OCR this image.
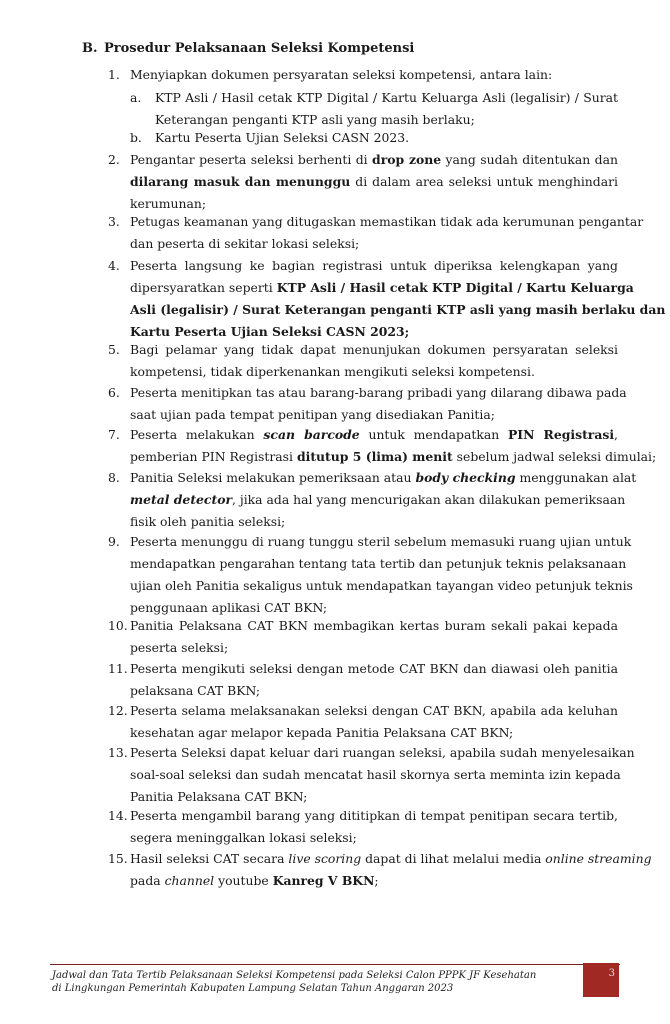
B. Prosedur Pelaksanaan Seleksi Kompetensi
1. Menyiapkan dokumen persyaratan seleksi kompetensi, antara lain:
a. KTP Asli / Hasil cetak KTP Digital / Kartu Keluarga Asli (legalisir) / Surat
Keterangan penganti KTP asli yang masih berlaku;
b. Kartu Peserta Ujian Seleksi CASN 2023.
2. Pengantar peserta seleksi berhenti di drop zone yang sudah ditentukan dan
dilarang masuk dan menunggu di dalam area seleksi untuk menghindari
kerumunan;
3. Petugas keamanan yang ditugaskan memastikan tidak ada kerumunan pengantar
dan peserta di sekitar lokasi seleksi;
4. Peserta langsung ke bagian registrasi untuk diperiksa kelengkapan yang
dipersyaratkan seperti KTP Asli / Hasil cetak KTP Digital / Kartu Keluarga
Asli (legalisir) / Surat Keterangan penganti KTP asli yang masih berlaku dan
Kartu Peserta Ujian Seleksi CASN 2023;
5. Bagi pelamar yang tidak dapat menunjukan dokumen persyaratan seleksi
kompetensi, tidak diperkenankan mengikuti seleksi kompetensi.
6. Peserta menitipkan tas atau barang-barang pribadi yang dilarang dibawa pada
saat ujian pada tempat penitipan yang disediakan Panitia;
7. Peserta melakukan scan barcode untuk mendapatkan PIN Registrasi,
pemberian PIN Registrasi ditutup 5 (lima) menit sebelum jadwal seleksi dimulai;
8. Panitia Seleksi melakukan pemeriksaan atau body checking menggunakan alat
metal detector, jika ada hal yang mencurigakan akan dilakukan pemeriksaan
fisik oleh panitia seleksi;
9. Peserta menunggu di ruang tunggu steril sebelum memasuki ruang ujian untuk
mendapatkan pengarahan tentang tata tertib dan petunjuk teknis pelaksanaan
ujian oleh Panitia sekaligus untuk mendapatkan tayangan video petunjuk teknis
penggunaan aplikasi CAT BKN;
10. Panitia Pelaksana CAT BKN membagikan kertas buram sekali pakai kepada
peserta seleksi;
11. Peserta mengikuti seleksi dengan metode CAT BKN dan diawasi oleh panitia
pelaksana CAT BKN;
12. Peserta selama melaksanakan seleksi dengan CAT BKN, apabila ada keluhan
kesehatan agar melapor kepada Panitia Pelaksana CAT BKN;
13. Peserta Seleksi dapat keluar dari ruangan seleksi, apabila sudah menyelesaikan
soal-soal seleksi dan sudah mencatat hasil skornya serta meminta izin kepada
Panitia Pelaksana CAT BKN;
14. Peserta mengambil barang yang dititipkan di tempat penitipan secara tertib,
segera meninggalkan lokasi seleksi;
15. Hasil seleksi CAT secara live scoring dapat di lihat melalui media online streaming
pada channel youtube Kanreg V BKN;
Jadwal dan Tata Tertib Pelaksanaan Seleksi Kompetensi pada Seleksi Calon PPPK JF Kesehatan
di Lingkungan Pemerintah Kabupaten Lampung Selatan Tahun Anggaran 2023
3
